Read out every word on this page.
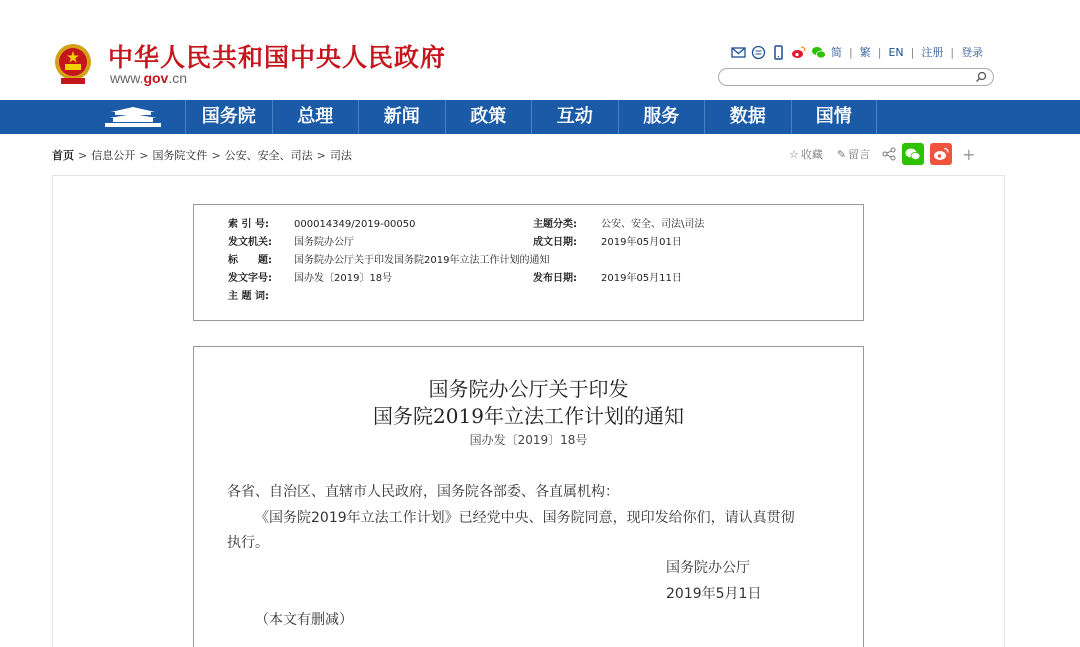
中华人民共和国中央人民政府
www.gov.cn
简 | 繁 | EN | 注册 | 登录
国务院	总理	新闻	政策	互动	服务	数据	国情
首页 > 信息公开 > 国务院文件 > 公安、安全、司法 > 司法	☆ 收藏 ✎ 留言	+
索 引 号:	000014349/2019-00050	主题分类: 公安、安全、司法\司法
发文机关: 国务院办公厅	成文日期: 2019年05月01日
标　　题: 国务院办公厅关于印发国务院2019年立法工作计划的通知
发文字号: 国办发〔2019〕18号	发布日期: 2019年05月11日
主 题 词:
国务院办公厅关于印发
国务院2019年立法工作计划的通知
国办发〔2019〕18号
各省、自治区、直辖市人民政府，国务院各部委、各直属机构：
《国务院2019年立法工作计划》已经党中央、国务院同意，现印发给你们，请认真贯彻
执行。
国务院办公厅
2019年5月1日
（本文有删减）
